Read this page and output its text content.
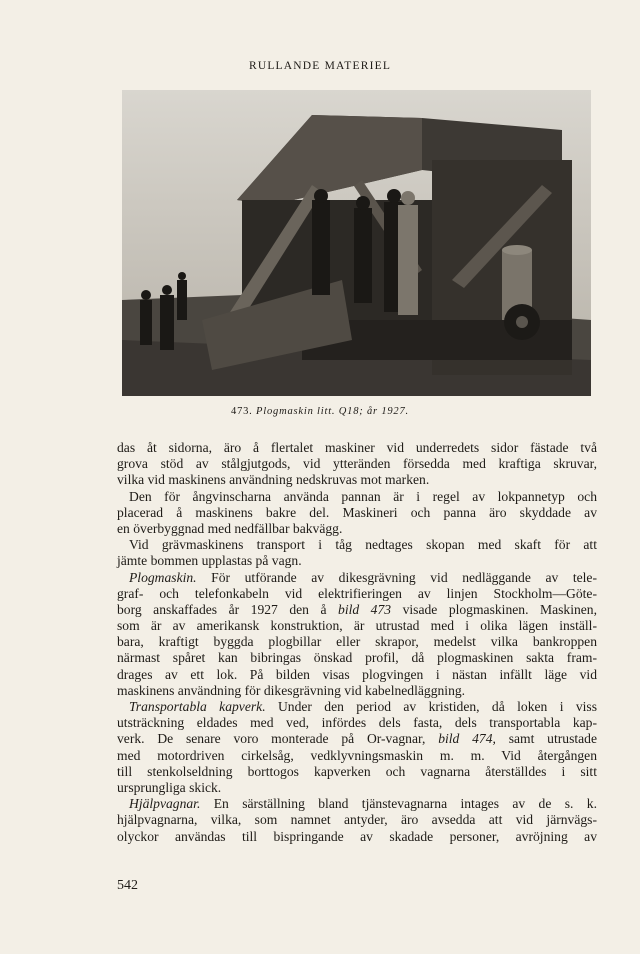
RULLANDE MATERIEL
473. Plogmaskin litt. Q18; år 1927.
das åt sidorna, äro å flertalet maskiner vid underredets sidor fästade två
grova stöd av stålgjutgods, vid ytteränden försedda med kraftiga skruvar,
vilka vid maskinens användning nedskruvas mot marken.
Den för ångvinscharna använda pannan är i regel av lokpannetyp och
placerad å maskinens bakre del. Maskineri och panna äro skyddade av
en överbyggnad med nedfällbar bakvägg.
Vid grävmaskinens transport i tåg nedtages skopan med skaft för att
jämte bommen upplastas på vagn.
Plogmaskin. För utförande av dikesgrävning vid nedläggande av tele-
graf- och telefonkabeln vid elektrifieringen av linjen Stockholm—Göte-
borg anskaffades år 1927 den å bild 473 visade plogmaskinen. Maskinen,
som är av amerikansk konstruktion, är utrustad med i olika lägen inställ-
bara, kraftigt byggda plogbillar eller skrapor, medelst vilka bankroppen
närmast spåret kan bibringas önskad profil, då plogmaskinen sakta fram-
drages av ett lok. På bilden visas plogvingen i nästan infällt läge vid
maskinens användning för dikesgrävning vid kabelnedläggning.
Transportabla kapverk. Under den period av kristiden, då loken i viss
utsträckning eldades med ved, infördes dels fasta, dels transportabla kap-
verk. De senare voro monterade på Or-vagnar, bild 474, samt utrustade
med motordriven cirkelsåg, vedklyvningsmaskin m. m. Vid återgången
till stenkolseldning borttogos kapverken och vagnarna återställdes i sitt
ursprungliga skick.
Hjälpvagnar. En särställning bland tjänstevagnarna intages av de s. k.
hjälpvagnarna, vilka, som namnet antyder, äro avsedda att vid järnvägs-
olyckor användas till bispringande av skadade personer, avröjning av
542
